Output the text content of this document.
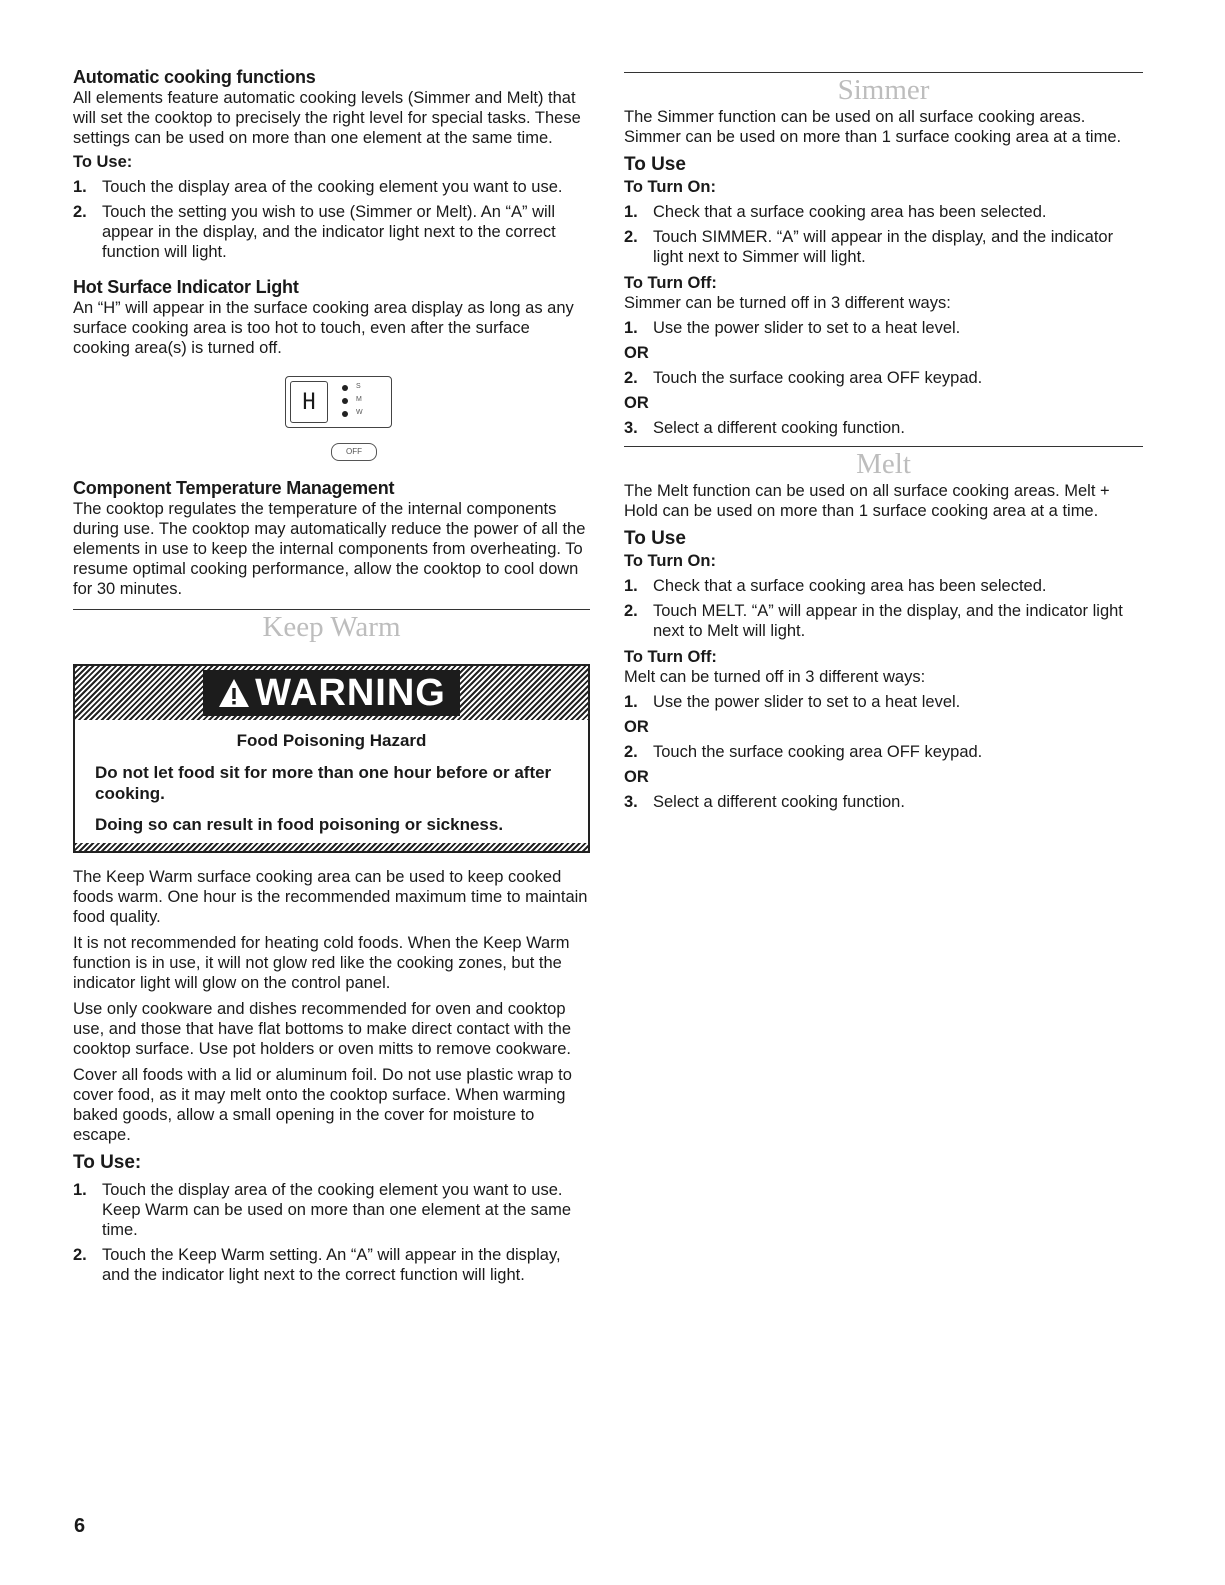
Automatic cooking functions

All elements feature automatic cooking levels (Simmer and Melt) that will set the cooktop to precisely the right level for special tasks. These settings can be used on more than one element at the same time.

To Use:
1. Touch the display area of the cooking element you want to use.
2. Touch the setting you wish to use (Simmer or Melt). An “A” will appear in the display, and the indicator light next to the correct function will light.
Hot Surface Indicator Light

An “H” will appear in the surface cooking area display as long as any surface cooking area is too hot to touch, even after the surface cooking area(s) is turned off.

H
S
M
W
OFF
Component Temperature Management

The cooktop regulates the temperature of the internal components during use. The cooktop may automatically reduce the power of all the elements in use to keep the internal components from overheating. To resume optimal cooking performance, allow the cooktop to cool down for 30 minutes.

Keep Warm
WARNING
Food Poisoning Hazard

Do not let food sit for more than one hour before or after cooking.

Doing so can result in food poisoning or sickness.

The Keep Warm surface cooking area can be used to keep cooked foods warm. One hour is the recommended maximum time to maintain food quality.

It is not recommended for heating cold foods. When the Keep Warm function is in use, it will not glow red like the cooking zones, but the indicator light will glow on the control panel.

Use only cookware and dishes recommended for oven and cooktop use, and those that have flat bottoms to make direct contact with the cooktop surface. Use pot holders or oven mitts to remove cookware.

Cover all foods with a lid or aluminum foil. Do not use plastic wrap to cover food, as it may melt onto the cooktop surface. When warming baked goods, allow a small opening in the cover for moisture to escape.

To Use:
1. Touch the display area of the cooking element you want to use. Keep Warm can be used on more than one element at the same time.
2. Touch the Keep Warm setting. An “A” will appear in the display, and the indicator light next to the correct function will light.
Simmer

The Simmer function can be used on all surface cooking areas. Simmer can be used on more than 1 surface cooking area at a time.

To Use
To Turn On:
1. Check that a surface cooking area has been selected.
2. Touch SIMMER. “A” will appear in the display, and the indicator light next to Simmer will light.
To Turn Off:

Simmer can be turned off in 3 different ways:

1. Use the power slider to set to a heat level.
OR
2. Touch the surface cooking area OFF keypad.
OR
3. Select a different cooking function.
Melt

The Melt function can be used on all surface cooking areas. Melt + Hold can be used on more than 1 surface cooking area at a time.

To Use
To Turn On:
1. Check that a surface cooking area has been selected.
2. Touch MELT. “A” will appear in the display, and the indicator light next to Melt will light.
To Turn Off:

Melt can be turned off in 3 different ways:

1. Use the power slider to set to a heat level.
OR
2. Touch the surface cooking area OFF keypad.
OR
3. Select a different cooking function.
6
